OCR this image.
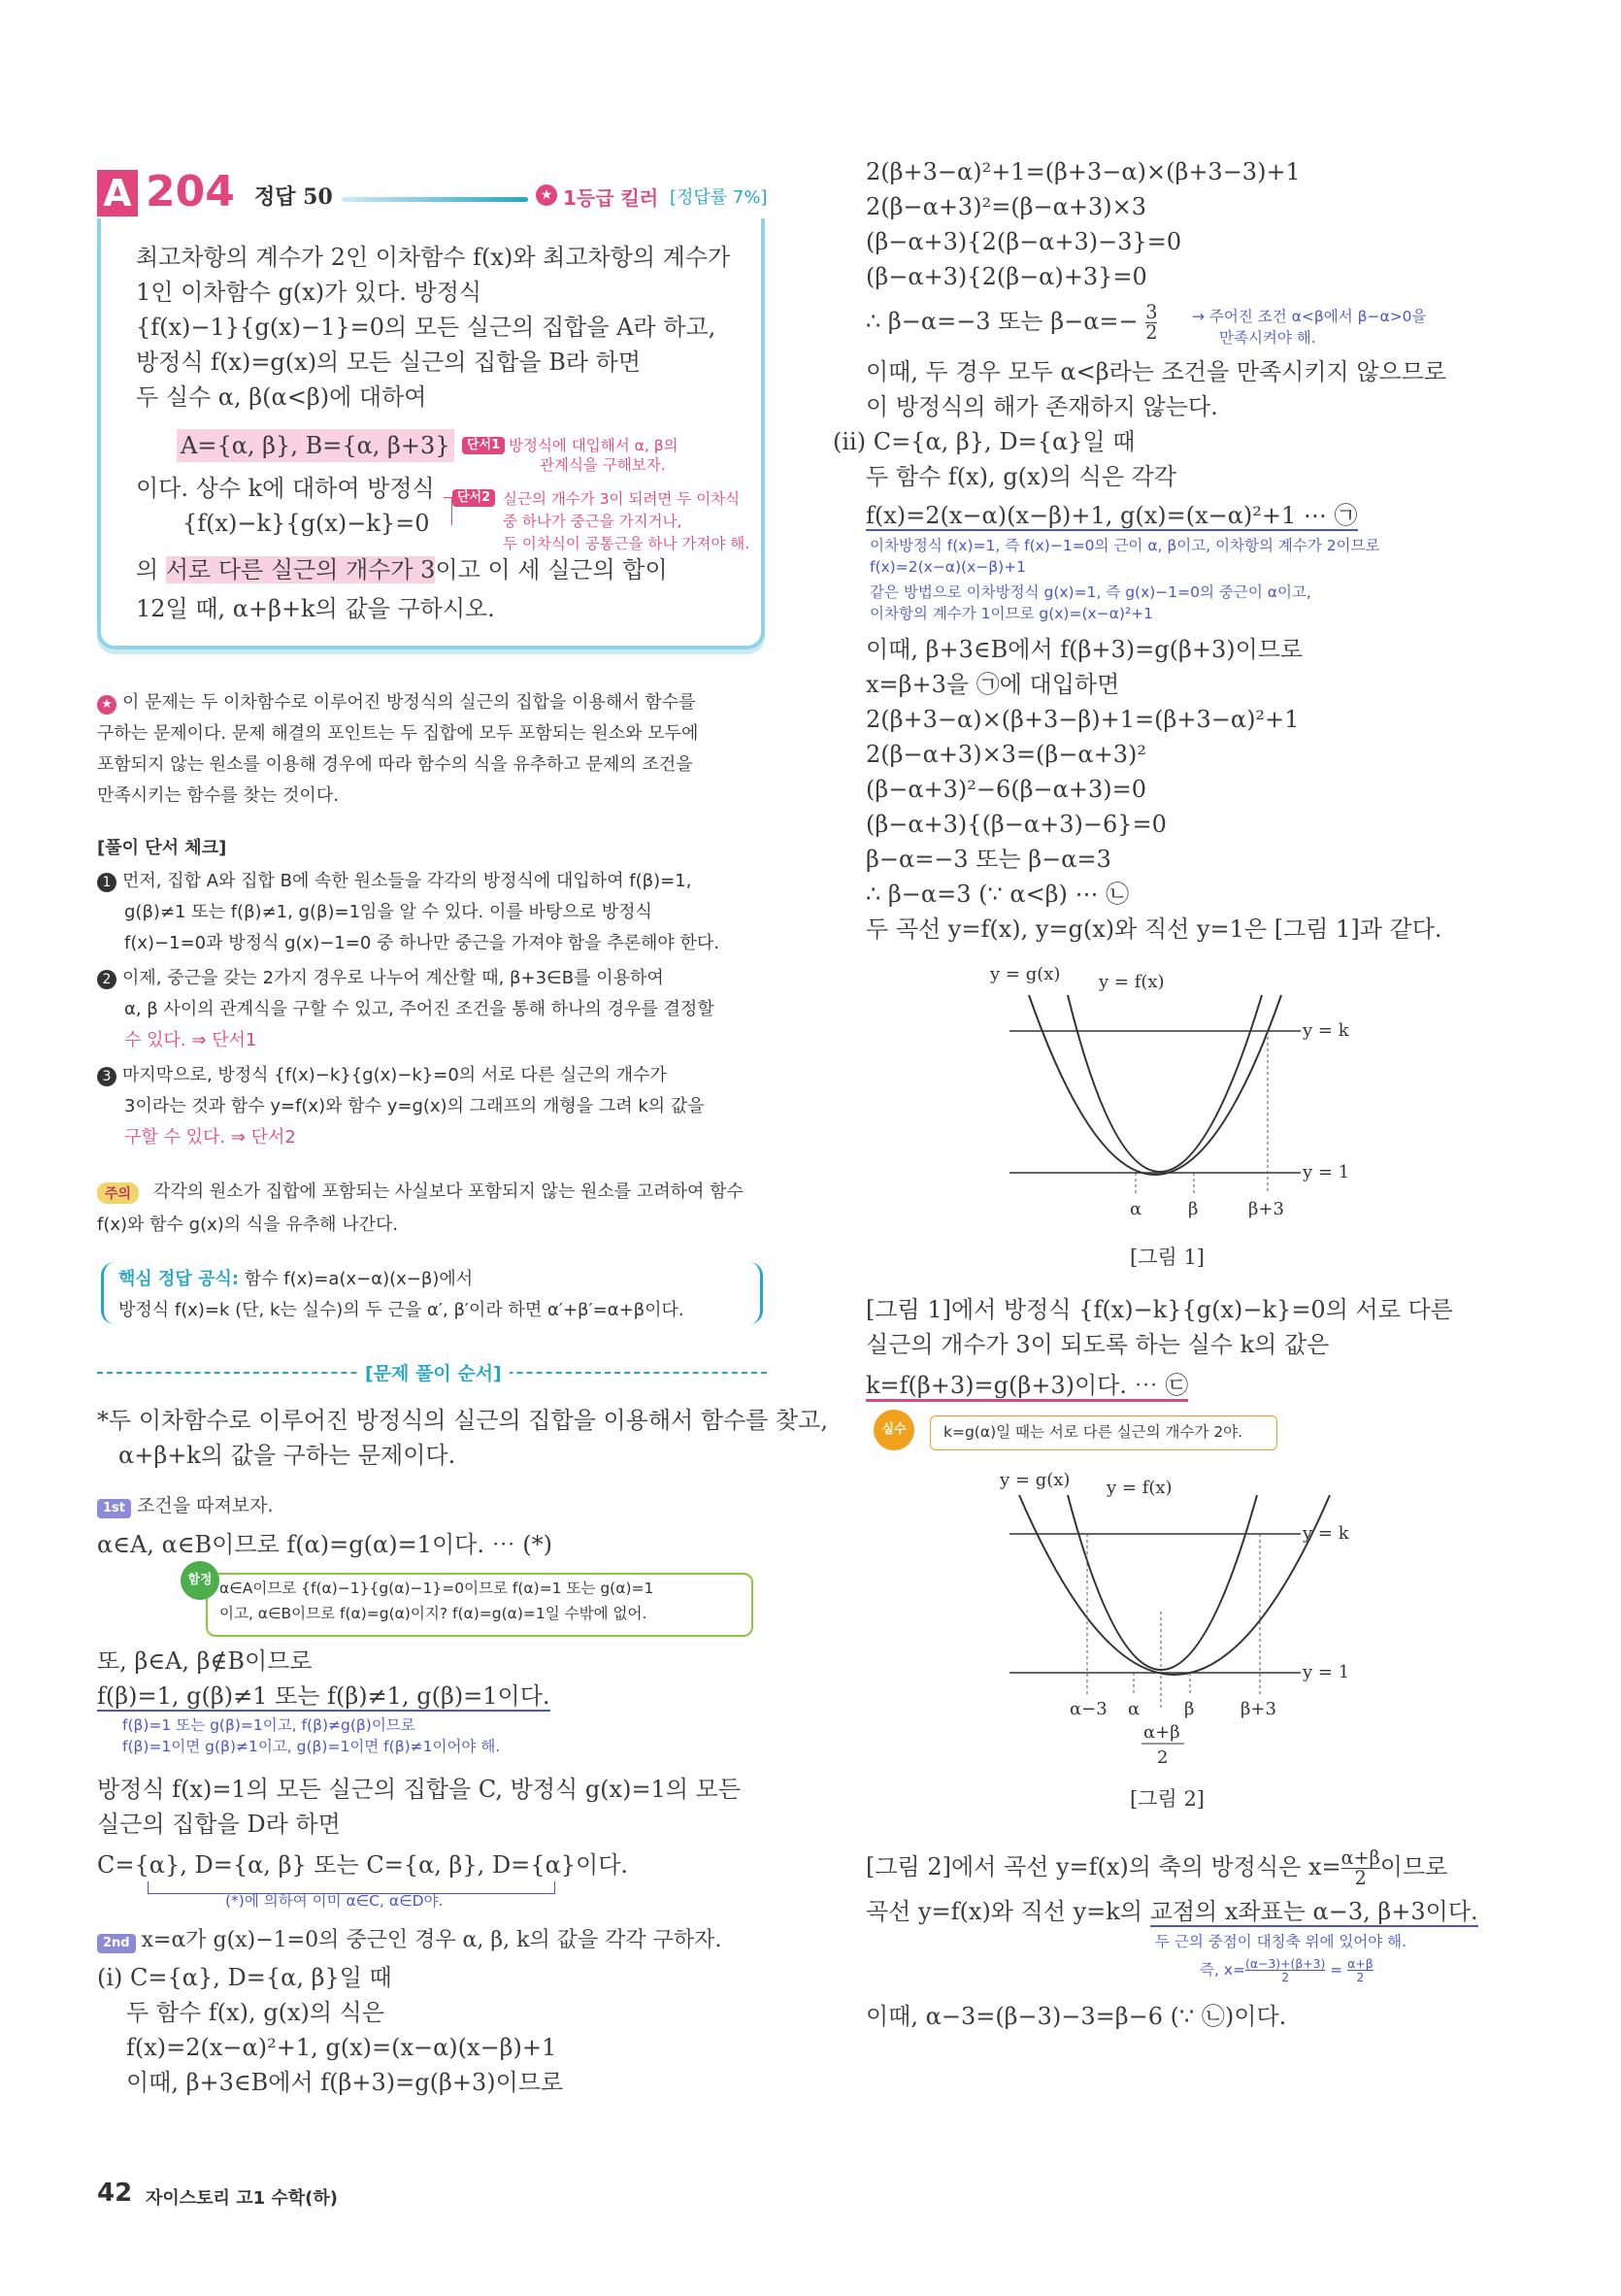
A 204 정답 50	★ 1등급 킬러 [정답률 7%]
최고차항의 계수가 2인 이차함수 f(x)와 최고차항의 계수가
1인 이차함수 g(x)가 있다. 방정식
{f(x)−1}{g(x)−1}=0의 모든 실근의 집합을 A라 하고,
방정식 f(x)=g(x)의 모든 실근의 집합을 B라 하면
두 실수 α, β(α<β)에 대하여
A={α, β}, B={α, β+3}	단서1 방정식에 대입해서 α, β의
관계식을 구해보자.
이다. 상수 k에 대하여 방정식
{f(x)−k}{g(x)−k}=0
단서2 실근의 개수가 3이 되려면 두 이차식
중 하나가 중근을 가지거나,
두 이차식이 공통근을 하나 가져야 해.
의 서로 다른 실근의 개수가 3이고 이 세 실근의 합이
12일 때, α+β+k의 값을 구하시오.
★ 이 문제는 두 이차함수로 이루어진 방정식의 실근의 집합을 이용해서 함수를
구하는 문제이다. 문제 해결의 포인트는 두 집합에 모두 포함되는 원소와 모두에
포함되지 않는 원소를 이용해 경우에 따라 함수의 식을 유추하고 문제의 조건을
만족시키는 함수를 찾는 것이다.
[풀이 단서 체크]
1 먼저, 집합 A와 집합 B에 속한 원소들을 각각의 방정식에 대입하여 f(β)=1,
g(β)≠1 또는 f(β)≠1, g(β)=1임을 알 수 있다. 이를 바탕으로 방정식
f(x)−1=0과 방정식 g(x)−1=0 중 하나만 중근을 가져야 함을 추론해야 한다.
2 이제, 중근을 갖는 2가지 경우로 나누어 계산할 때, β+3∈B를 이용하여
α, β 사이의 관계식을 구할 수 있고, 주어진 조건을 통해 하나의 경우를 결정할
수 있다. ⇒ 단서1
3 마지막으로, 방정식 {f(x)−k}{g(x)−k}=0의 서로 다른 실근의 개수가
3이라는 것과 함수 y=f(x)와 함수 y=g(x)의 그래프의 개형을 그려 k의 값을
구할 수 있다. ⇒ 단서2
주의	각각의 원소가 집합에 포함되는 사실보다 포함되지 않는 원소를 고려하여 함수
f(x)와 함수 g(x)의 식을 유추해 나간다.
핵심 정답 공식: 함수 f(x)=a(x−α)(x−β)에서
방정식 f(x)=k (단, k는 실수)의 두 근을 α′, β′이라 하면 α′+β′=α+β이다.
[문제 풀이 순서]
*두 이차함수로 이루어진 방정식의 실근의 집합을 이용해서 함수를 찾고,
α+β+k의 값을 구하는 문제이다.
1st 조건을 따져보자.
α∈A, α∈B이므로 f(α)=g(α)=1이다. ⋯ (*)
함정 α∈A이므로 {f(α)−1}{g(α)−1}=0이므로 f(α)=1 또는 g(α)=1
이고, α∈B이므로 f(α)=g(α)이지? f(α)=g(α)=1일 수밖에 없어.
또, β∈A, β∉B이므로
f(β)=1, g(β)≠1 또는 f(β)≠1, g(β)=1이다.
f(β)=1 또는 g(β)=1이고, f(β)≠g(β)이므로
f(β)=1이면 g(β)≠1이고, g(β)=1이면 f(β)≠1이어야 해.
방정식 f(x)=1의 모든 실근의 집합을 C, 방정식 g(x)=1의 모든
실근의 집합을 D라 하면
C={α}, D={α, β} 또는 C={α, β}, D={α}이다.
(*)에 의하여 이미 α∈C, α∈D야.
2nd x=α가 g(x)−1=0의 중근인 경우 α, β, k의 값을 각각 구하자.
(i) C={α}, D={α, β}일 때
두 함수 f(x), g(x)의 식은
f(x)=2(x−α)²+1, g(x)=(x−α)(x−β)+1
이때, β+3∈B에서 f(β+3)=g(β+3)이므로
2(β+3−α)²+1=(β+3−α)×(β+3−3)+1
2(β−α+3)²=(β−α+3)×3
(β−α+3){2(β−α+3)−3}=0
(β−α+3){2(β−α)+3}=0
∴ β−α=−3 또는 $\beta-\alpha=- \frac{3}{2}$ → 주어진 조건 α<β에서 β−α>0을
만족시켜야 해.
이때, 두 경우 모두 α<β라는 조건을 만족시키지 않으므로
이 방정식의 해가 존재하지 않는다.
(ii) C={α, β}, D={α}일 때
두 함수 f(x), g(x)의 식은 각각
f(x)=2(x−α)(x−β)+1, g(x)=(x−α)²+1 ⋯ ㉠
이차방정식 f(x)=1, 즉 f(x)−1=0의 근이 α, β이고, 이차항의 계수가 2이므로
f(x)=2(x−α)(x−β)+1
같은 방법으로 이차방정식 g(x)=1, 즉 g(x)−1=0의 중근이 α이고,
이차항의 계수가 1이므로 g(x)=(x−α)²+1
이때, β+3∈B에서 f(β+3)=g(β+3)이므로
x=β+3을 ㉠에 대입하면
2(β+3−α)×(β+3−β)+1=(β+3−α)²+1
2(β−α+3)×3=(β−α+3)²
(β−α+3)²−6(β−α+3)=0
(β−α+3){(β−α+3)−6}=0
β−α=−3 또는 β−α=3
∴ β−α=3 (∵ α<β) ⋯ ㉡
두 곡선 y=f(x), y=g(x)와 직선 y=1은 [그림 1]과 같다.
y = g(x) y = f(x)
y = k
y = 1
α	β	β+3
[그림 1]
[그림 1]에서 방정식 {f(x)−k}{g(x)−k}=0의 서로 다른
실근의 개수가 3이 되도록 하는 실수 k의 값은
k=f(β+3)=g(β+3)이다. ⋯ ㉢
실수	k=g(α)일 때는 서로 다른 실근의 개수가 2야.
y = g(x) y = f(x)
y = k
y = 1
α−3 α	β	β+3
α+β
2
[그림 2]
[그림 2]에서 곡선 y=f(x)의 축의 방정식은 $x= \frac{\alpha+\beta}{2}$ 이므로
곡선 y=f(x)와 직선 y=k의 교점의 x좌표는 α−3, β+3이다.
두 근의 중점이 대칭축 위에 있어야 해.
즉, $x= \frac{(\alpha-3)+(\beta+3)}{2} = \frac{\alpha+\beta}{2}$
이때, α−3=(β−3)−3=β−6 (∵ ㉡)이다.
42 자이스토리 고1 수학(하)
